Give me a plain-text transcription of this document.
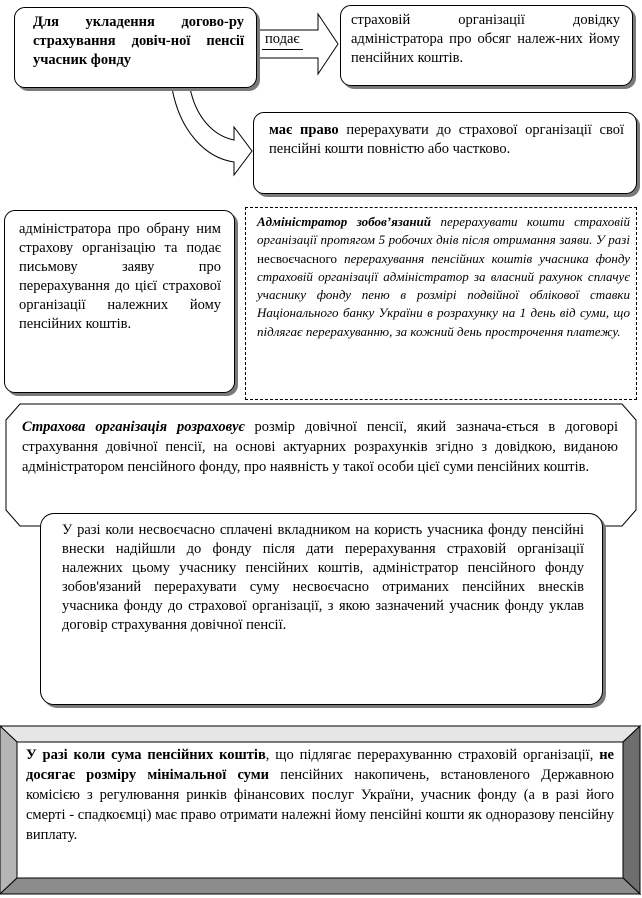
Для укладення догово-ру страхування довіч-ної пенсії учасник фонду
подає
страховій організації довідку адміністратора про обсяг належ-них йому пенсійних коштів.
має право перерахувати до страхової організації свої пенсійні кошти повністю або частково.
адміністратора про обрану ним страхову організацію та подає письмову заяву про перерахування до цієї страхової організації належних йому пенсійних коштів.
Адміністратор зобов’язаний перерахувати кошти страховій організації протягом 5 робочих днів після отримання заяви. У разі несвоєчасного перерахування пенсійних коштів учасника фонду страховій організації адміністратор за власний рахунок сплачує учаснику фонду пеню в розмірі подвійної облікової ставки Національного банку України в розрахунку на 1 день від суми, що підлягає перерахуванню, за кожний день прострочення платежу.
Страхова організація розраховує розмір довічної пенсії, який зазнача-ється в договорі страхування довічної пенсії, на основі актуарних розрахунків згідно з довідкою, виданою адміністратором пенсійного фонду, про наявність у такої особи цієї суми пенсійних коштів.
У разі коли несвоєчасно сплачені вкладником на користь учасника фонду пенсійні внески надійшли до фонду після дати перерахування страховій організації належних цьому учаснику пенсійних коштів, адміністратор пенсійного фонду зобов'язаний перерахувати суму несвоєчасно отриманих пенсійних внесків учасника фонду до страхової організації, з якою зазначений учасник фонду уклав договір страхування довічної пенсії.
У разі коли сума пенсійних коштів, що підлягає перерахуванню страховій організації, не досягає розміру мінімальної суми пенсійних накопичень, встановленого Державною комісією з регулювання ринків фінансових послуг України, учасник фонду (а в разі його смерті - спадкоємці) має право отримати належні йому пенсійні кошти як одноразову пенсійну виплату.
